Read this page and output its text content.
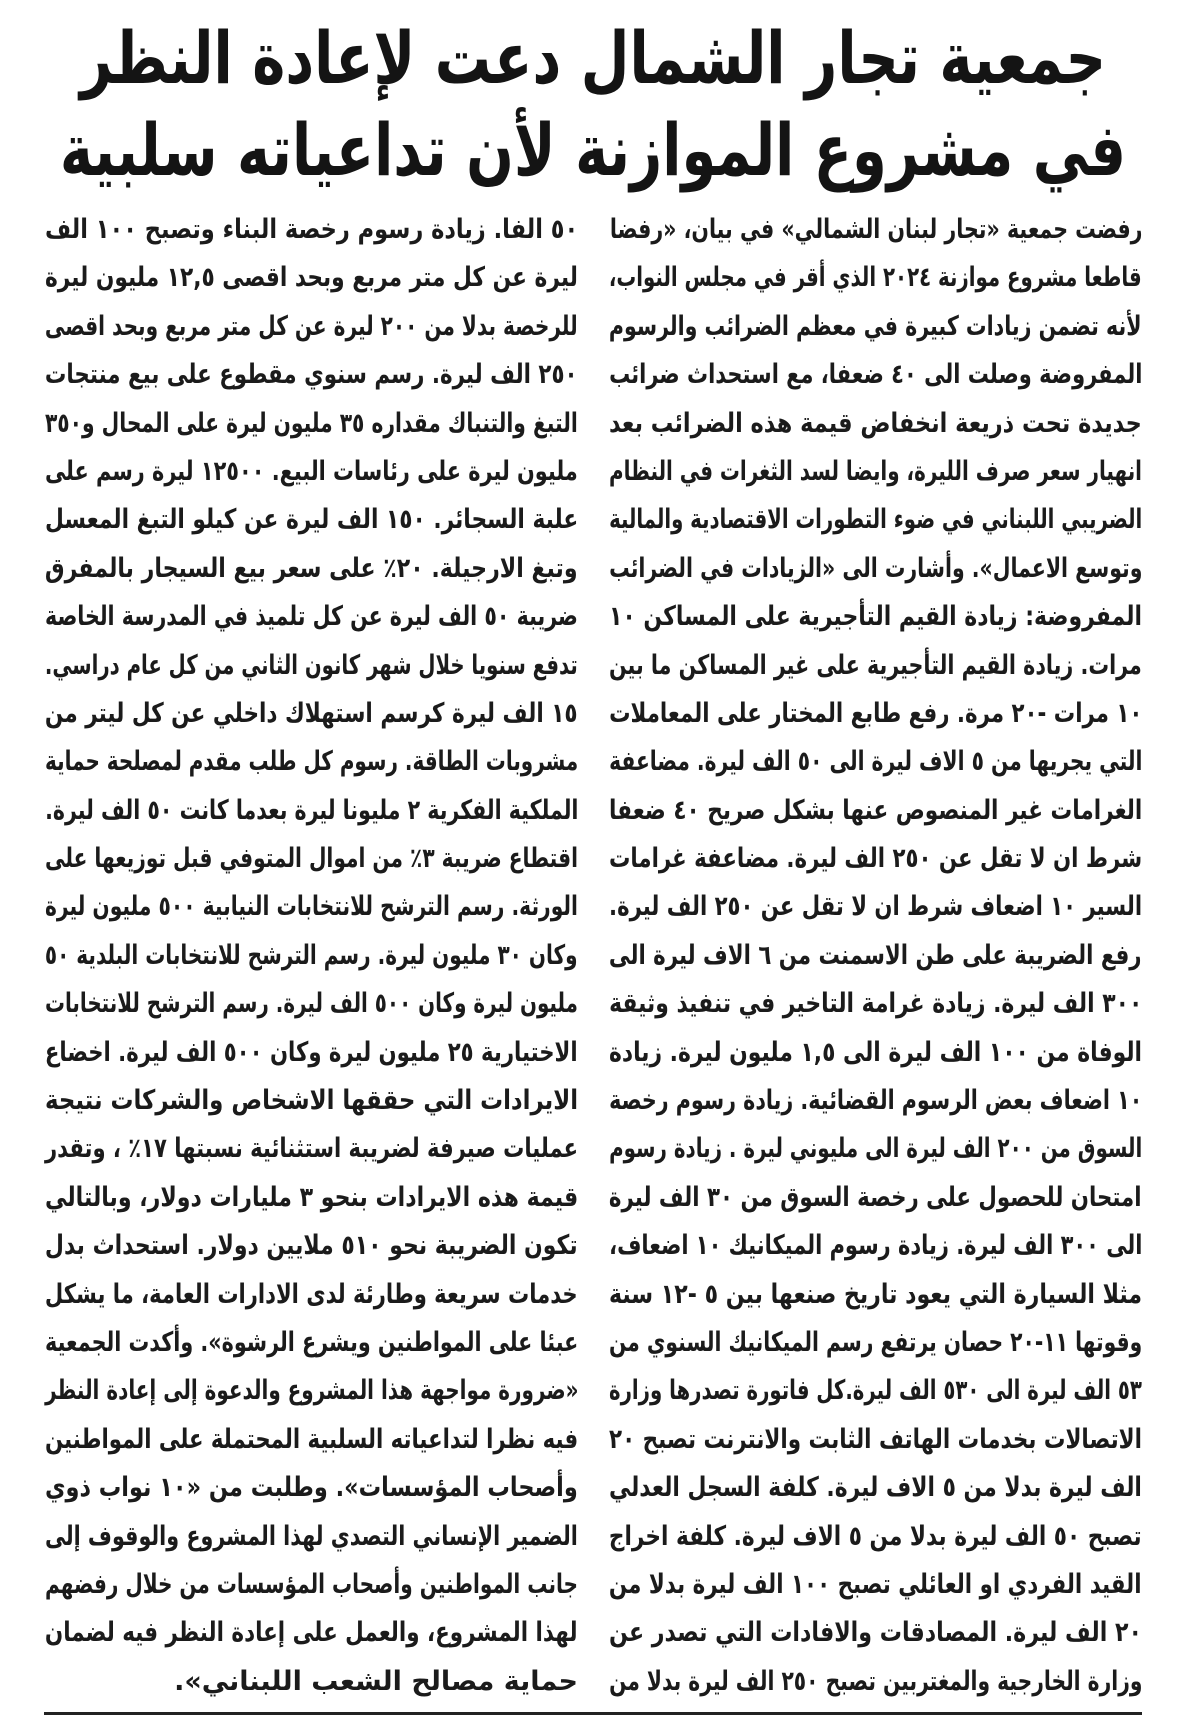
جمعية تجار الشمال دعت لإعادة النظر
في مشروع الموازنة لأن تداعياته سلبية
رفضت جمعية «تجار لبنان الشمالي» في بيان، «رفضا
قاطعا مشروع موازنة ٢٠٢٤ الذي أقر في مجلس النواب،
لأنه تضمن زيادات كبيرة في معظم الضرائب والرسوم
المفروضة وصلت الى ٤٠ ضعفا، مع استحداث ضرائب
جديدة تحت ذريعة انخفاض قيمة هذه الضرائب بعد
انهيار سعر صرف الليرة، وايضا لسد الثغرات في النظام
الضريبي اللبناني في ضوء التطورات الاقتصادية والمالية
وتوسع الاعمال». وأشارت الى «الزيادات في الضرائب
المفروضة: زيادة القيم التأجيرية على المساكن ١٠
مرات. زيادة القيم التأجيرية على غير المساكن ما بين
١٠ مرات -٢٠ مرة. رفع طابع المختار على المعاملات
التي يجريها من ٥ الاف ليرة الى ٥٠ الف ليرة. مضاعفة
الغرامات غير المنصوص عنها بشكل صريح ٤٠ ضعفا
شرط ان لا تقل عن ٢٥٠ الف ليرة. مضاعفة غرامات
السير ١٠ اضعاف شرط ان لا تقل عن ٢٥٠ الف ليرة.
رفع الضريبة على طن الاسمنت من ٦ الاف ليرة الى
٣٠٠ الف ليرة. زيادة غرامة التاخير في تنفيذ وثيقة
الوفاة من ١٠٠ الف ليرة الى ١,٥ مليون ليرة. زيادة
١٠ اضعاف بعض الرسوم القضائية. زيادة رسوم رخصة
السوق من ٢٠٠ الف ليرة الى مليوني ليرة . زيادة رسوم
امتحان للحصول على رخصة السوق من ٣٠ الف ليرة
الى ٣٠٠ الف ليرة. زيادة رسوم الميكانيك ١٠ اضعاف،
مثلا السيارة التي يعود تاريخ صنعها بين ٥ -١٢ سنة
وقوتها ١١-٢٠ حصان يرتفع رسم الميكانيك السنوي من
٥٣ الف ليرة الى ٥٣٠ الف ليرة.كل فاتورة تصدرها وزارة
الاتصالات بخدمات الهاتف الثابت والانترنت تصبح ٢٠
الف ليرة بدلا من ٥ الاف ليرة. كلفة السجل العدلي
تصبح ٥٠ الف ليرة بدلا من ٥ الاف ليرة. كلفة اخراج
القيد الفردي او العائلي تصبح ١٠٠ الف ليرة بدلا من
٢٠ الف ليرة. المصادقات والافادات التي تصدر عن
وزارة الخارجية والمغتربين تصبح ٢٥٠ الف ليرة بدلا من
٥٠ الفا. زيادة رسوم رخصة البناء وتصبح ١٠٠ الف
ليرة عن كل متر مربع وبحد اقصى ١٢,٥ مليون ليرة
للرخصة بدلا من ٢٠٠ ليرة عن كل متر مربع وبحد اقصى
٢٥٠ الف ليرة. رسم سنوي مقطوع على بيع منتجات
التبغ والتنباك مقداره ٣٥ مليون ليرة على المحال و٣٥٠
مليون ليرة على رئاسات البيع. ١٢٥٠٠ ليرة رسم على
علبة السجائر. ١٥٠ الف ليرة عن كيلو التبغ المعسل
وتبغ الارجيلة. ٢٠٪ على سعر بيع السيجار بالمفرق
ضريبة ٥٠ الف ليرة عن كل تلميذ في المدرسة الخاصة
تدفع سنويا خلال شهر كانون الثاني من كل عام دراسي.
١٥ الف ليرة كرسم استهلاك داخلي عن كل ليتر من
مشروبات الطاقة. رسوم كل طلب مقدم لمصلحة حماية
الملكية الفكرية ٢ مليونا ليرة بعدما كانت ٥٠ الف ليرة.
اقتطاع ضريبة ٣٪ من اموال المتوفي قبل توزيعها على
الورثة. رسم الترشح للانتخابات النيابية ٥٠٠ مليون ليرة
وكان ٣٠ مليون ليرة. رسم الترشح للانتخابات البلدية ٥٠
مليون ليرة وكان ٥٠٠ الف ليرة. رسم الترشح للانتخابات
الاختيارية ٢٥ مليون ليرة وكان ٥٠٠ الف ليرة. اخضاع
الايرادات التي حققها الاشخاص والشركات نتيجة
عمليات صيرفة لضريبة استثنائية نسبتها ١٧٪ ، وتقدر
قيمة هذه الايرادات بنحو ٣ مليارات دولار، وبالتالي
تكون الضريبة نحو ٥١٠ ملايين دولار. استحداث بدل
خدمات سريعة وطارئة لدى الادارات العامة، ما يشكل
عبئا على المواطنين ويشرع الرشوة». وأكدت الجمعية
«ضرورة مواجهة هذا المشروع والدعوة إلى إعادة النظر
فيه نظرا لتداعياته السلبية المحتملة على المواطنين
وأصحاب المؤسسات». وطلبت من «١٠ نواب ذوي
الضمير الإنساني التصدي لهذا المشروع والوقوف إلى
جانب المواطنين وأصحاب المؤسسات من خلال رفضهم
لهذا المشروع، والعمل على إعادة النظر فيه لضمان
حماية مصالح الشعب اللبناني».
